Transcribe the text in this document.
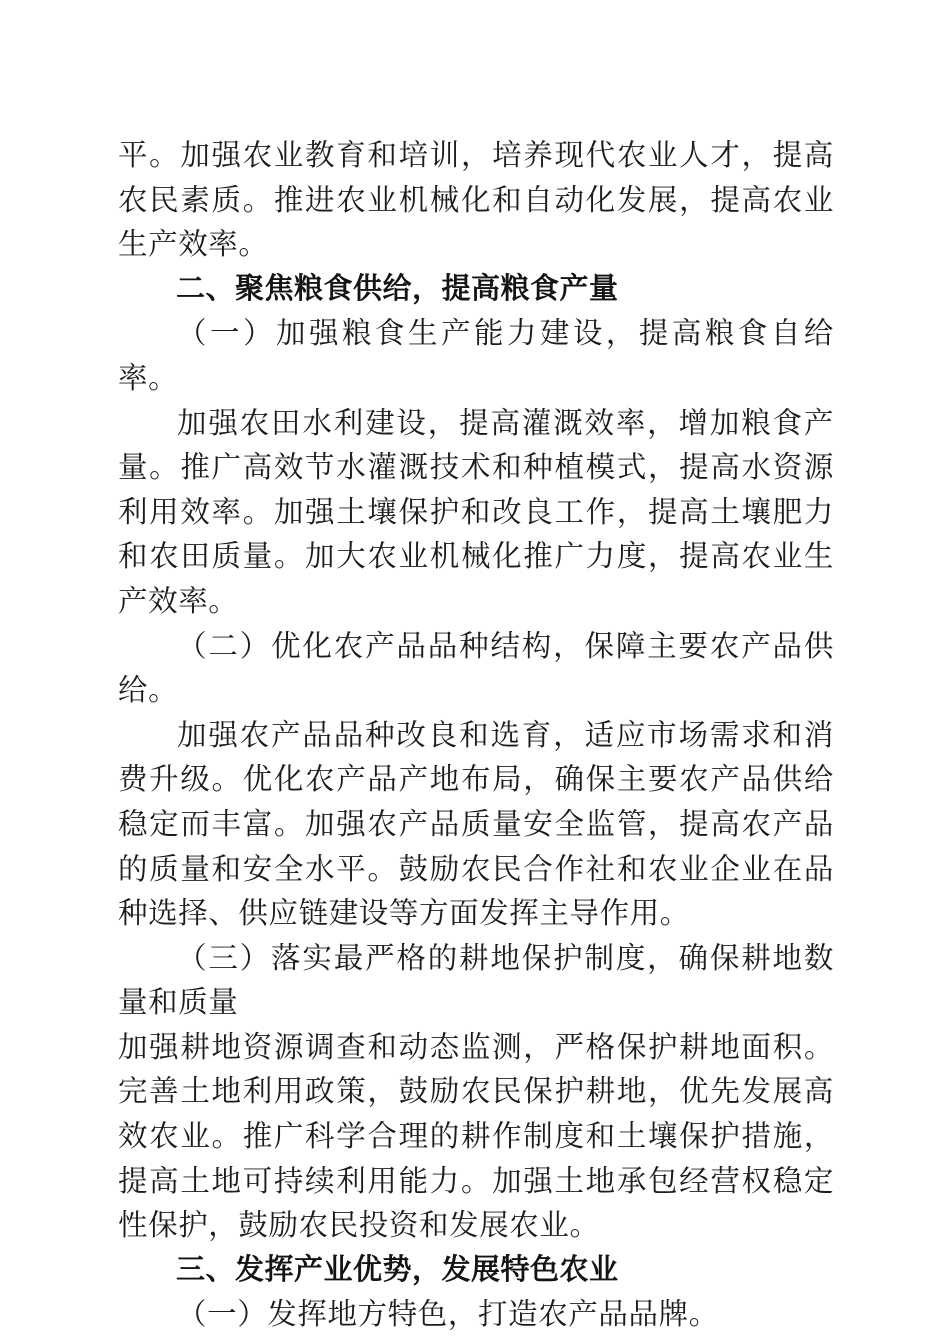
平。加强农业教育和培训，培养现代农业人才，提高农民素质。推进农业机械化和自动化发展，提高农业生产效率。

二、聚焦粮食供给，提高粮食产量

（一）加强粮食生产能力建设，提高粮食自给率。

加强农田水利建设，提高灌溉效率，增加粮食产量。推广高效节水灌溉技术和种植模式，提高水资源利用效率。加强土壤保护和改良工作，提高土壤肥力和农田质量。加大农业机械化推广力度，提高农业生产效率。

（二）优化农产品品种结构，保障主要农产品供给。

加强农产品品种改良和选育，适应市场需求和消费升级。优化农产品产地布局，确保主要农产品供给稳定而丰富。加强农产品质量安全监管，提高农产品的质量和安全水平。鼓励农民合作社和农业企业在品种选择、供应链建设等方面发挥主导作用。

（三）落实最严格的耕地保护制度，确保耕地数量和质量

加强耕地资源调查和动态监测，严格保护耕地面积。完善土地利用政策，鼓励农民保护耕地，优先发展高效农业。推广科学合理的耕作制度和土壤保护措施，提高土地可持续利用能力。加强土地承包经营权稳定性保护，鼓励农民投资和发展农业。

三、发挥产业优势，发展特色农业

（一）发挥地方特色，打造农产品品牌。
